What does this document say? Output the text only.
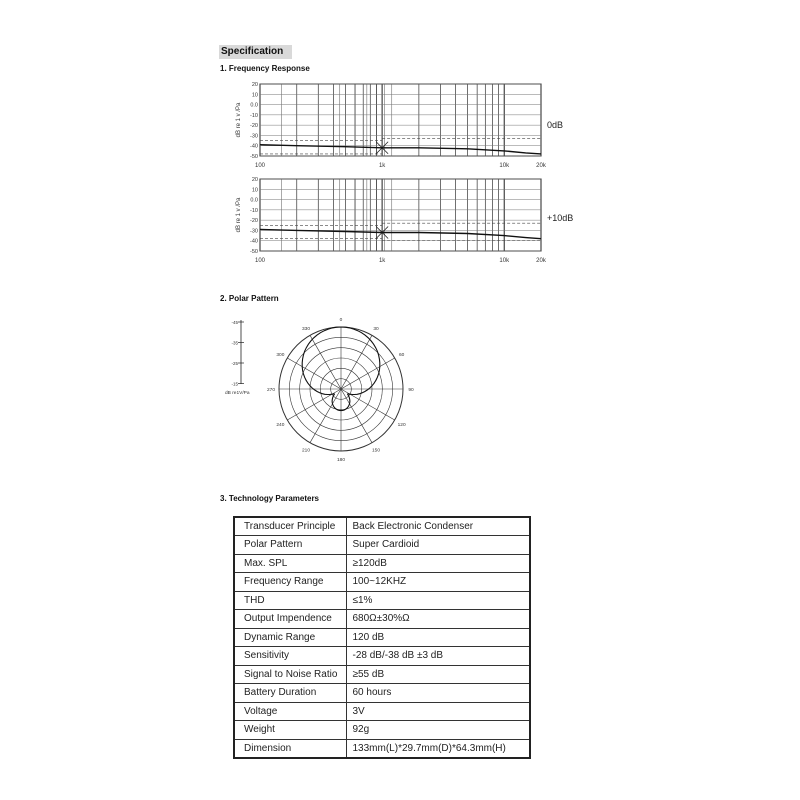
Specification
1. Frequency Response
20
10
0.0
-10
-20
-30
-40
-50
100	1k	10k	20k
dB re 1 v /Pa	0dB
20
10
0.0
-10
-20
-30
-40
-50
100	1k	10k	20k
dB re 1 v /Pa	+10dB
2. Polar Pattern
-45
-35
-25
-15
dB re1V/Pa
0
30
60
90
120
150
180
210
240
270
300
330
3. Technology Parameters
Transducer Principle	Back Electronic Condenser
Polar Pattern	Super Cardioid
Max. SPL	≥120dB
Frequency Range	100~12KHZ
THD	≤1%
Output Impendence	680Ω±30%Ω
Dynamic Range	120 dB
Sensitivity	-28 dB/-38 dB ±3 dB
Signal to Noise Ratio	≥55 dB
Battery Duration	60 hours
Voltage	3V
Weight	92g
Dimension	133mm(L)*29.7mm(D)*64.3mm(H)
